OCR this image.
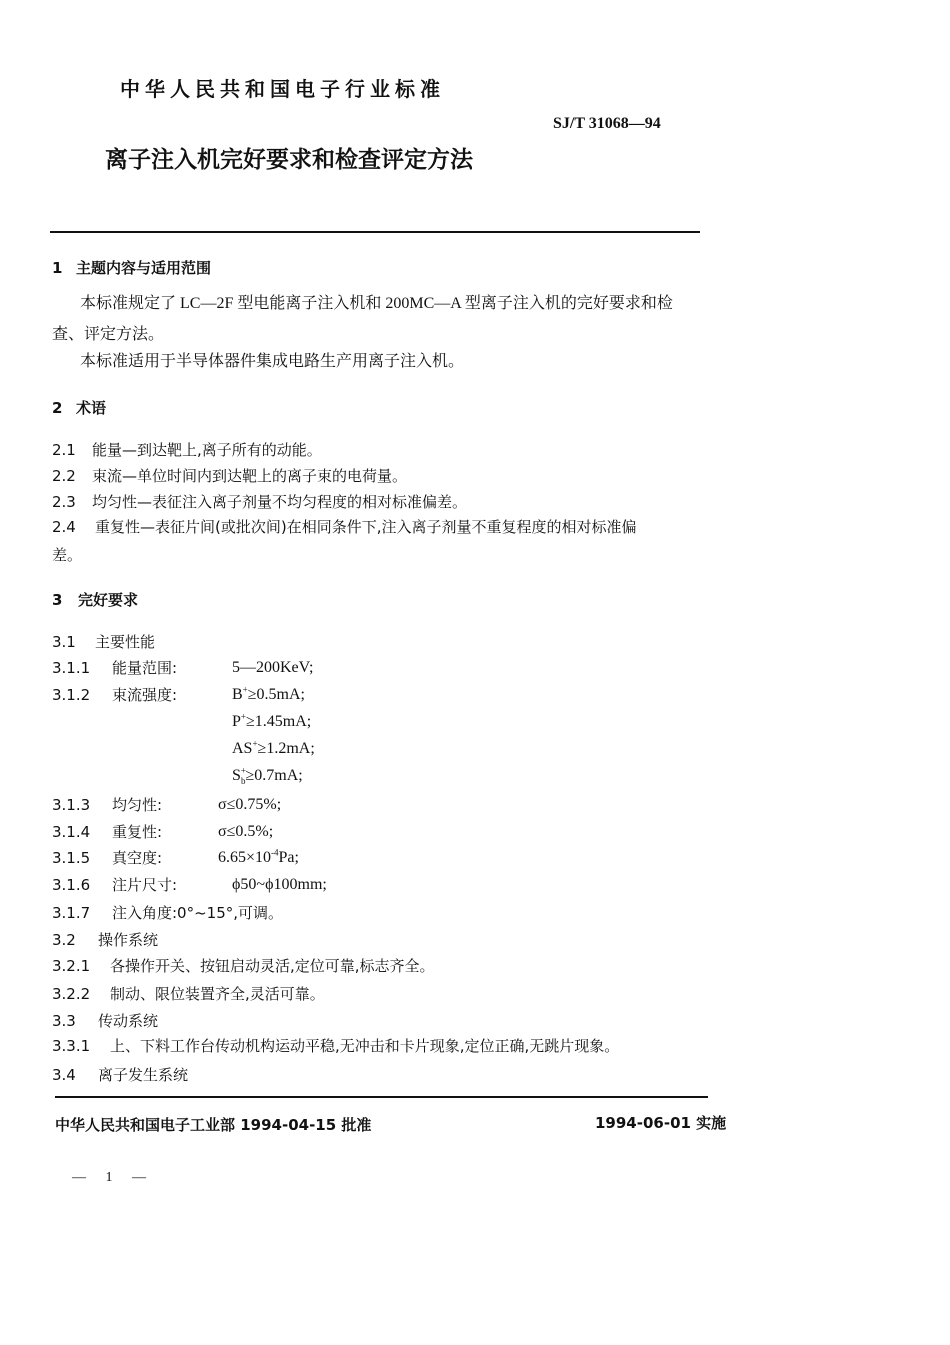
中华人民共和国电子行业标准
SJ/T 31068—94
离子注入机完好要求和检查评定方法
1 主题内容与适用范围
本标准规定了 LC—2F 型电能离子注入机和 200MC—A 型离子注入机的完好要求和检
查、评定方法。
本标准适用于半导体器件集成电路生产用离子注入机。
2 术语
2.1 能量—到达靶上,离子所有的动能。
2.2 束流—单位时间内到达靶上的离子束的电荷量。
2.3 均匀性—表征注入离子剂量不均匀程度的相对标准偏差。
2.4 重复性—表征片间(或批次间)在相同条件下,注入离子剂量不重复程度的相对标准偏
差。
3 完好要求
3.1 主要性能
3.1.1 能量范围:	5—200KeV;
3.1.2 束流强度:	B+≥0.5mA;
P+≥1.45mA;
AS+≥1.2mA;
$S^+_b\ge 0.7mA$;
3.1.3 均匀性:	σ≤0.75%;
3.1.4 重复性:	σ≤0.5%;
3.1.5 真空度:	$6.65\times 10^{-4}Pa$;
3.1.6 注片尺寸:	ϕ50~ϕ100mm;
3.1.7 注入角度:0°~15°,可调。
3.2 操作系统
3.2.1 各操作开关、按钮启动灵活,定位可靠,标志齐全。
3.2.2 制动、限位装置齐全,灵活可靠。
3.3 传动系统
3.3.1 上、下料工作台传动机构运动平稳,无冲击和卡片现象,定位正确,无跳片现象。
3.4 离子发生系统
中华人民共和国电子工业部 1994-04-15 批准	1994-06-01 实施
— 1 —
